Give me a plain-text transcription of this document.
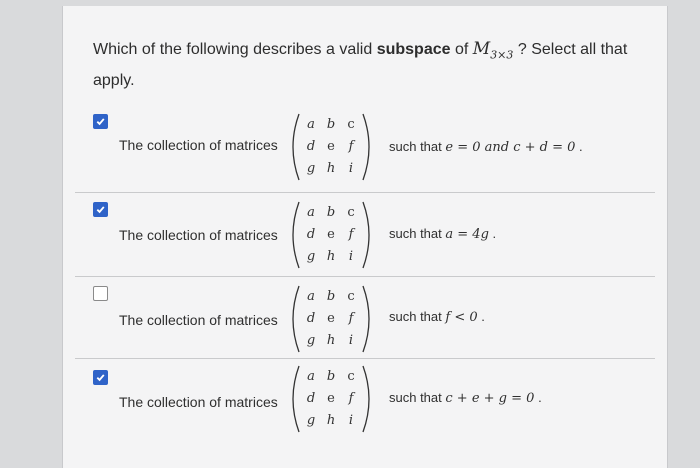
Which of the following describes a valid subspace of $M_{3\times 3}$ ? Select all that apply.
The collection of matrices
a b c
d e	f
g h	i
such that e = 0 and c + d = 0 .
The collection of matrices
a b c
d e	f
g h	i
such that a = 4g .
The collection of matrices
a b c
d e	f
g h	i
such that f < 0 .
The collection of matrices
a b c
d e	f
g h	i
such that c + e + g = 0 .
